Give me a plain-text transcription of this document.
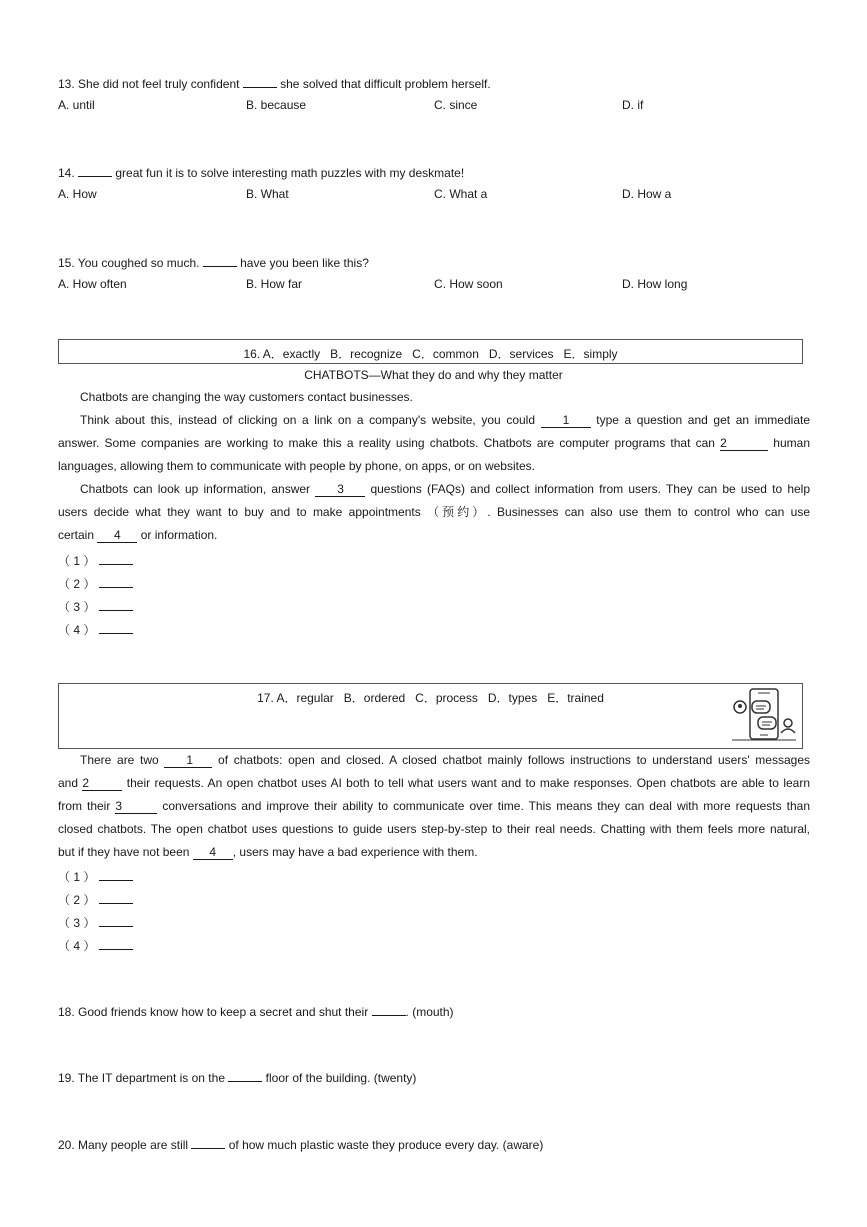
13. She did not feel truly confident	she solved that difficult problem herself.
A. until	B. because	C. since	D. if
14.	great fun it is to solve interesting math puzzles with my deskmate!
A. How	B. What	C. What a	D. How a
15. You coughed so much.	have you been like this?
A. How often	B. How far	C. How soon	D. How long
16. A．exactly   B．recognize   C．common   D．services   E．simply
CHATBOTS—What they do and why they matter

Chatbots are changing the way customers contact businesses.

Think about this, instead of clicking on a link on a company's website, you could 1 type a question and get an immediate

answer. Some companies are working to make this a reality using chatbots. Chatbots are computer programs that can 2	human

languages, allowing them to communicate with people by phone, on apps, or on websites.

Chatbots can look up information, answer 3 questions (FAQs) and collect information from users. They can be used to help

users decide what they want to buy and to make appointments （预约）. Businesses can also use them to control who can use

certain 4 or information.

（ 1 ）
（ 2 ）
（ 3 ）
（ 4 ）
17. A．regular   B．ordered   C．process   D．types   E．trained

There are two 1 of chatbots: open and closed. A closed chatbot mainly follows instructions to understand users' messages

and 2	their requests. An open chatbot uses AI both to tell what users want and to make responses. Open chatbots are able to learn

from their 3	conversations and improve their ability to communicate over time. This means they can deal with more requests than

closed chatbots. The open chatbot uses questions to guide users step-by-step to their real needs. Chatting with them feels more natural,

but if they have not been 4 , users may have a bad experience with them.

（ 1 ）
（ 2 ）
（ 3 ）
（ 4 ）
18. Good friends know how to keep a secret and shut their	. (mouth)
19. The IT department is on the	floor of the building. (twenty)
20. Many people are still	of how much plastic waste they produce every day. (aware)
